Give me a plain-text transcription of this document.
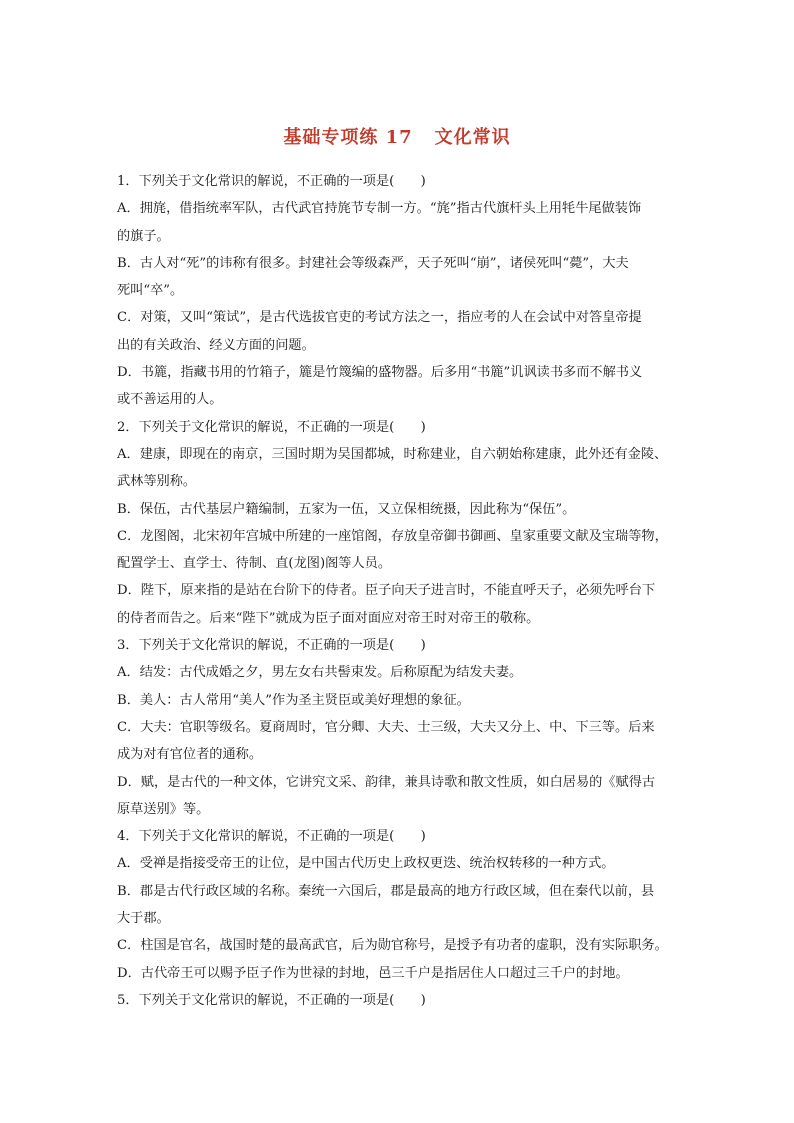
基础专项练 17 文化常识
1．下列关于文化常识的解说，不正确的一项是(　　)
A．拥旄，借指统率军队，古代武官持旄节专制一方。“旄”指古代旗杆头上用牦牛尾做装饰
的旗子。
B．古人对“死”的讳称有很多。封建社会等级森严，天子死叫“崩”，诸侯死叫“薨”，大夫
死叫“卒”。
C．对策，又叫“策试”，是古代选拔官吏的考试方法之一，指应考的人在会试中对答皇帝提
出的有关政治、经义方面的问题。
D．书簏，指藏书用的竹箱子，簏是竹篾编的盛物器。后多用“书簏”讥讽读书多而不解书义
或不善运用的人。
2．下列关于文化常识的解说，不正确的一项是(　　)
A．建康，即现在的南京，三国时期为吴国都城，时称建业，自六朝始称建康，此外还有金陵、
武林等别称。
B．保伍，古代基层户籍编制，五家为一伍，又立保相统摄，因此称为“保伍”。
C．龙图阁，北宋初年宫城中所建的一座馆阁，存放皇帝御书御画、皇家重要文献及宝瑞等物，
配置学士、直学士、待制、直(龙图)阁等人员。
D．陛下，原来指的是站在台阶下的侍者。臣子向天子进言时，不能直呼天子，必须先呼台下
的侍者而告之。后来“陛下”就成为臣子面对面应对帝王时对帝王的敬称。
3．下列关于文化常识的解说，不正确的一项是(　　)
A．结发：古代成婚之夕，男左女右共髻束发。后称原配为结发夫妻。
B．美人：古人常用“美人”作为圣主贤臣或美好理想的象征。
C．大夫：官职等级名。夏商周时，官分卿、大夫、士三级，大夫又分上、中、下三等。后来
成为对有官位者的通称。
D．赋，是古代的一种文体，它讲究文采、韵律，兼具诗歌和散文性质，如白居易的《赋得古
原草送别》等。
4．下列关于文化常识的解说，不正确的一项是(　　)
A．受禅是指接受帝王的让位，是中国古代历史上政权更迭、统治权转移的一种方式。
B．郡是古代行政区域的名称。秦统一六国后，郡是最高的地方行政区域，但在秦代以前，县
大于郡。
C．柱国是官名，战国时楚的最高武官，后为勋官称号，是授予有功者的虚职，没有实际职务。
D．古代帝王可以赐予臣子作为世禄的封地，邑三千户是指居住人口超过三千户的封地。
5．下列关于文化常识的解说，不正确的一项是(　　)
